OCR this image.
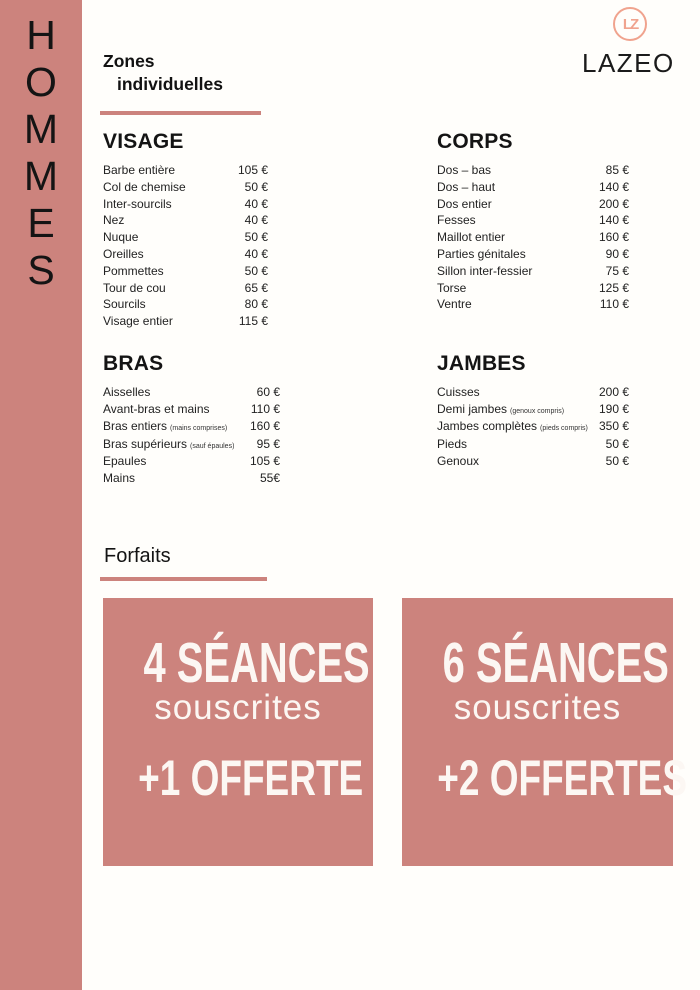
H
O
M
M
E
S
Zones
individuelles
LZ
LAZEO
VISAGE
Barbe entière	105 €
Col de chemise	50 €
Inter-sourcils	40 €
Nez	40 €
Nuque	50 €
Oreilles	40 €
Pommettes	50 €
Tour de cou	65 €
Sourcils	80 €
Visage entier	115 €
CORPS
Dos – bas	85 €
Dos – haut	140 €
Dos entier	200 €
Fesses	140 €
Maillot entier	160 €
Parties génitales	90 €
Sillon inter-fessier	75 €
Torse	125 €
Ventre	110 €
BRAS
Aisselles	60 €
Avant-bras et mains	110 €
Bras entiers (mains comprises) 160 €
Bras supérieurs (sauf épaules) 95 €
Epaules	105 €
Mains	55€
JAMBES
Cuisses	200 €
Demi jambes (genoux compris)	190 €
Jambes complètes (pieds compris) 350 €
Pieds	50 €
Genoux	50 €
Forfaits
4 SÉANCES
souscrites
+1 OFFERTE
6 SÉANCES
souscrites
+2 OFFERTES
